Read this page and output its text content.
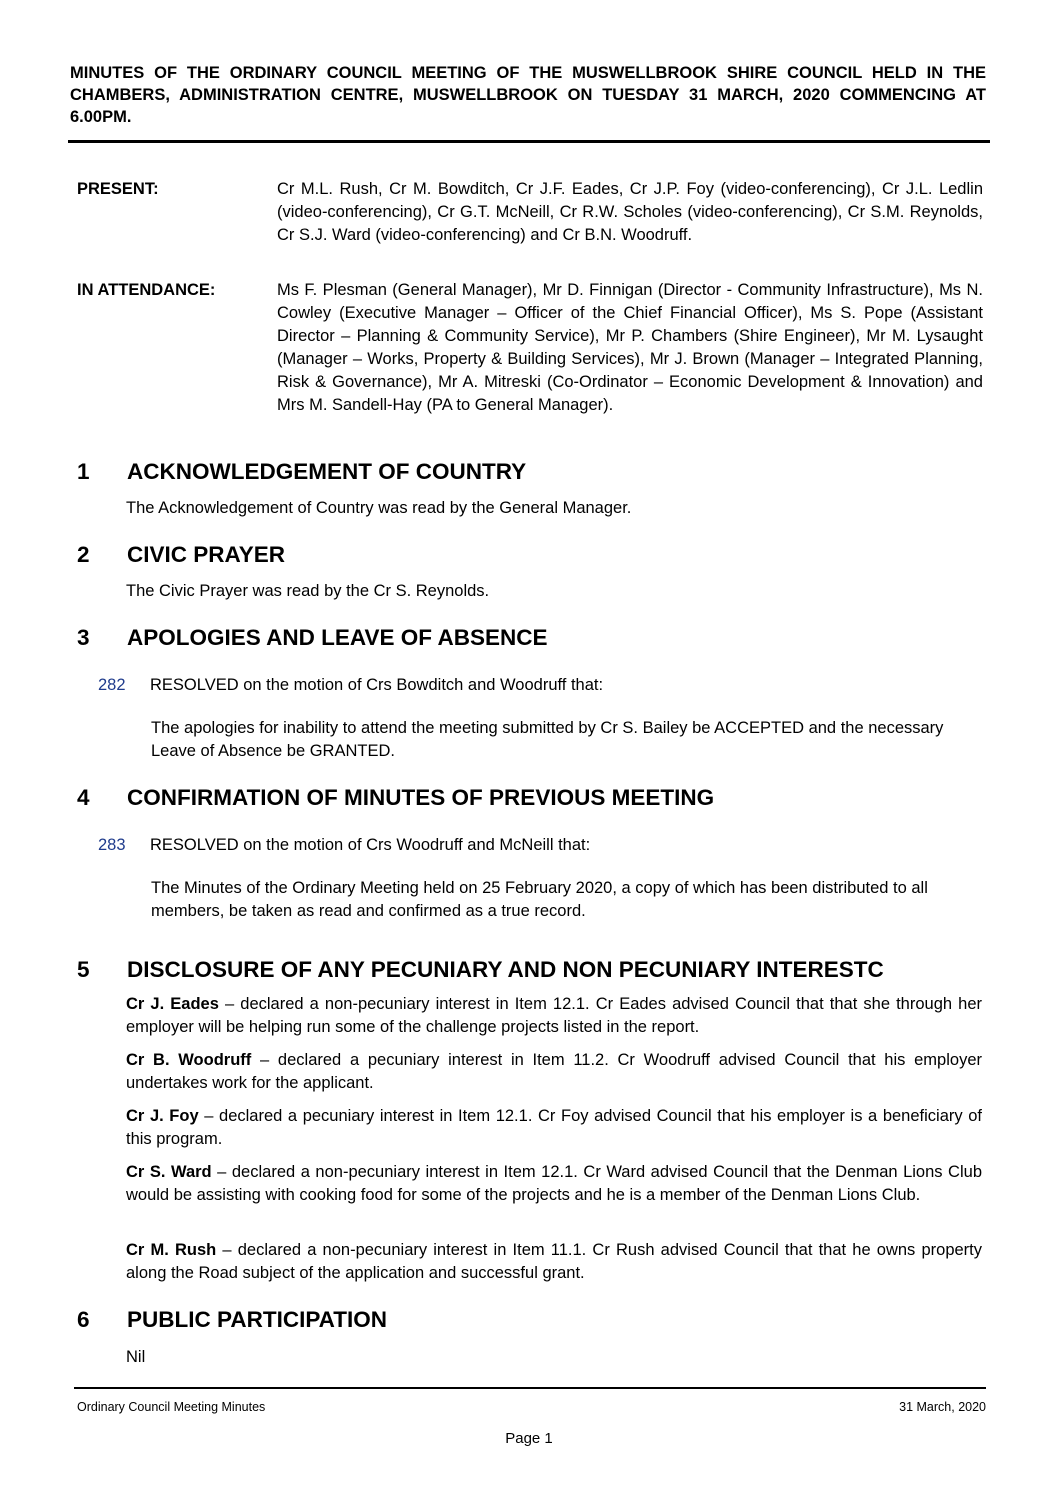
MINUTES OF THE ORDINARY COUNCIL MEETING OF THE MUSWELLBROOK SHIRE COUNCIL HELD IN THE CHAMBERS, ADMINISTRATION CENTRE, MUSWELLBROOK ON TUESDAY 31 MARCH, 2020 COMMENCING AT 6.00PM.
PRESENT:	Cr M.L. Rush, Cr M. Bowditch, Cr J.F. Eades, Cr J.P. Foy (video-conferencing), Cr J.L. Ledlin (video-conferencing), Cr G.T. McNeill, Cr R.W. Scholes (video-conferencing), Cr S.M. Reynolds, Cr S.J. Ward (video-conferencing) and Cr B.N. Woodruff.
IN ATTENDANCE:	Ms F. Plesman (General Manager), Mr D. Finnigan (Director - Community Infrastructure), Ms N. Cowley (Executive Manager – Officer of the Chief Financial Officer), Ms S. Pope (Assistant Director – Planning & Community Service), Mr P. Chambers (Shire Engineer), Mr M. Lysaught (Manager – Works, Property & Building Services), Mr J. Brown (Manager – Integrated Planning, Risk & Governance), Mr A. Mitreski (Co-Ordinator – Economic Development & Innovation) and Mrs M. Sandell-Hay (PA to General Manager).
1 ACKNOWLEDGEMENT OF COUNTRY
The Acknowledgement of Country was read by the General Manager.
2 CIVIC PRAYER
The Civic Prayer was read by the Cr S. Reynolds.
3 APOLOGIES AND LEAVE OF ABSENCE
282 RESOLVED on the motion of Crs Bowditch and Woodruff that:
The apologies for inability to attend the meeting submitted by Cr S. Bailey be ACCEPTED and the necessary Leave of Absence be GRANTED.
4 CONFIRMATION OF MINUTES OF PREVIOUS MEETING
283 RESOLVED on the motion of Crs Woodruff and McNeill that:
The Minutes of the Ordinary Meeting held on 25 February 2020, a copy of which has been distributed to all members, be taken as read and confirmed as a true record.
5 DISCLOSURE OF ANY PECUNIARY AND NON PECUNIARY INTERESTC
Cr J. Eades – declared a non-pecuniary interest in Item 12.1. Cr Eades advised Council that that she through her employer will be helping run some of the challenge projects listed in the report.
Cr B. Woodruff – declared a pecuniary interest in Item 11.2. Cr Woodruff advised Council that his employer undertakes work for the applicant.
Cr J. Foy – declared a pecuniary interest in Item 12.1. Cr Foy advised Council that his employer is a beneficiary of this program.
Cr S. Ward – declared a non-pecuniary interest in Item 12.1. Cr Ward advised Council that the Denman Lions Club would be assisting with cooking food for some of the projects and he is a member of the Denman Lions Club.
Cr M. Rush – declared a non-pecuniary interest in Item 11.1. Cr Rush advised Council that that he owns property along the Road subject of the application and successful grant.
6 PUBLIC PARTICIPATION
Nil
Ordinary Council Meeting Minutes	31 March, 2020
Page 1
